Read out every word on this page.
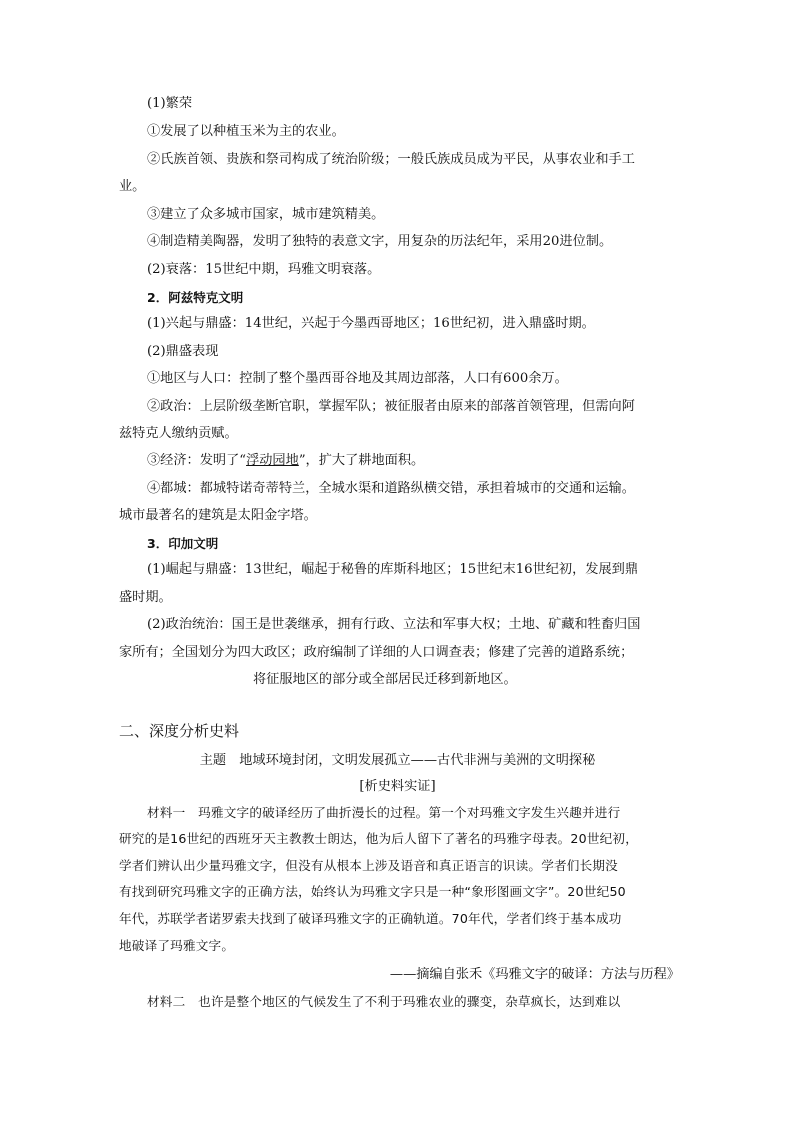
(1)繁荣
①发展了以种植玉米为主的农业。
②氏族首领、贵族和祭司构成了统治阶级；一般氏族成员成为平民，从事农业和手工
业。
③建立了众多城市国家，城市建筑精美。
④制造精美陶器，发明了独特的表意文字，用复杂的历法纪年，采用20进位制。
(2)衰落：15世纪中期，玛雅文明衰落。
2．阿兹特克文明
(1)兴起与鼎盛：14世纪，兴起于今墨西哥地区；16世纪初，进入鼎盛时期。
(2)鼎盛表现
①地区与人口：控制了整个墨西哥谷地及其周边部落，人口有600余万。
②政治：上层阶级垄断官职，掌握军队；被征服者由原来的部落首领管理，但需向阿
兹特克人缴纳贡赋。
③经济：发明了“浮动园地”，扩大了耕地面积。
④都城：都城特诺奇蒂特兰，全城水渠和道路纵横交错，承担着城市的交通和运输。
城市最著名的建筑是太阳金字塔。
3．印加文明
(1)崛起与鼎盛：13世纪，崛起于秘鲁的库斯科地区；15世纪末16世纪初，发展到鼎
盛时期。
(2)政治统治：国王是世袭继承，拥有行政、立法和军事大权；土地、矿藏和牲畜归国
家所有；全国划分为四大政区；政府编制了详细的人口调查表；修建了完善的道路系统；
将征服地区的部分或全部居民迁移到新地区。
二、深度分析史料
主题　地域环境封闭，文明发展孤立——古代非洲与美洲的文明探秘
[析史料实证]
材料一　玛雅文字的破译经历了曲折漫长的过程。第一个对玛雅文字发生兴趣并进行
研究的是16世纪的西班牙天主教教士朗达，他为后人留下了著名的玛雅字母表。20世纪初，
学者们辨认出少量玛雅文字，但没有从根本上涉及语音和真正语言的识读。学者们长期没
有找到研究玛雅文字的正确方法，始终认为玛雅文字只是一种“象形图画文字”。20世纪50
年代，苏联学者诺罗索夫找到了破译玛雅文字的正确轨道。70年代，学者们终于基本成功
地破译了玛雅文字。
——摘编自张禾《玛雅文字的破译：方法与历程》
材料二　也许是整个地区的气候发生了不利于玛雅农业的骤变，杂草疯长，达到难以
